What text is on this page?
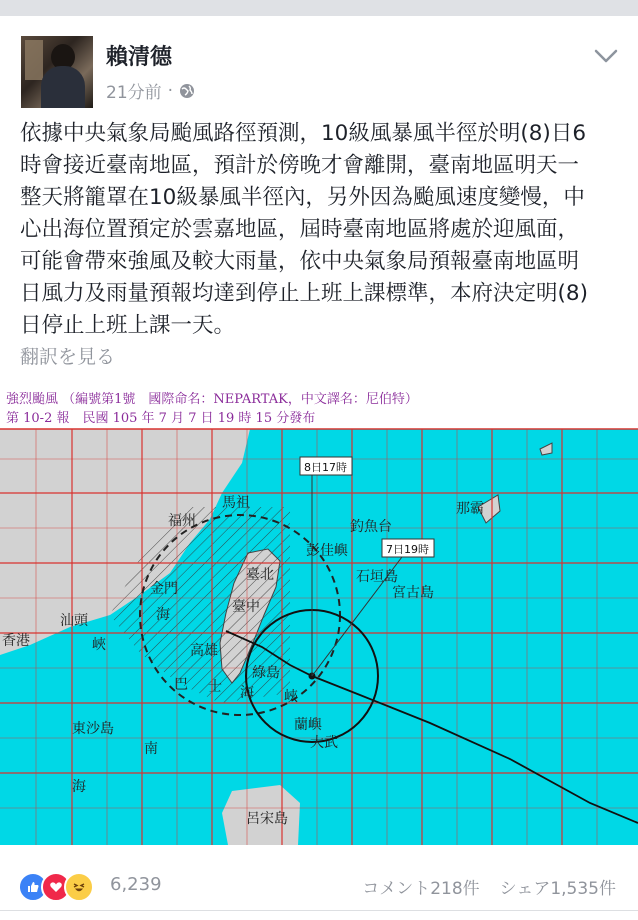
賴清德
21分前 ·

依據中央氣象局颱風路徑預測，10級風暴風半徑於明(8)日6

時會接近臺南地區，預計於傍晚才會離開，臺南地區明天一

整天將籠罩在10級暴風半徑內，另外因為颱風速度變慢，中

心出海位置預定於雲嘉地區，屆時臺南地區將處於迎風面，

可能會帶來強風及較大雨量，依中央氣象局預報臺南地區明

日風力及雨量預報均達到停止上班上課標準，本府決定明(8)

日停止上班上課一天。

翻訳を見る
強烈颱風 （編號第1號　國際命名：NEPARTAK，中文譯名：尼伯特）
第 10-2 報　民國 105 年 7 月 7 日 19 時 15 分發布
8日17時
7日19時
福州
馬祖
釣魚台
彭佳嶼
那霸
石垣島
宮古島
汕頭
香港
東沙島
南
海
呂宋島
臺北
臺中
高雄
海
峽
巴 士 海 峽
金門
綠島
蘭嶼
大武
6,239	コメント218件 シェア1,535件
